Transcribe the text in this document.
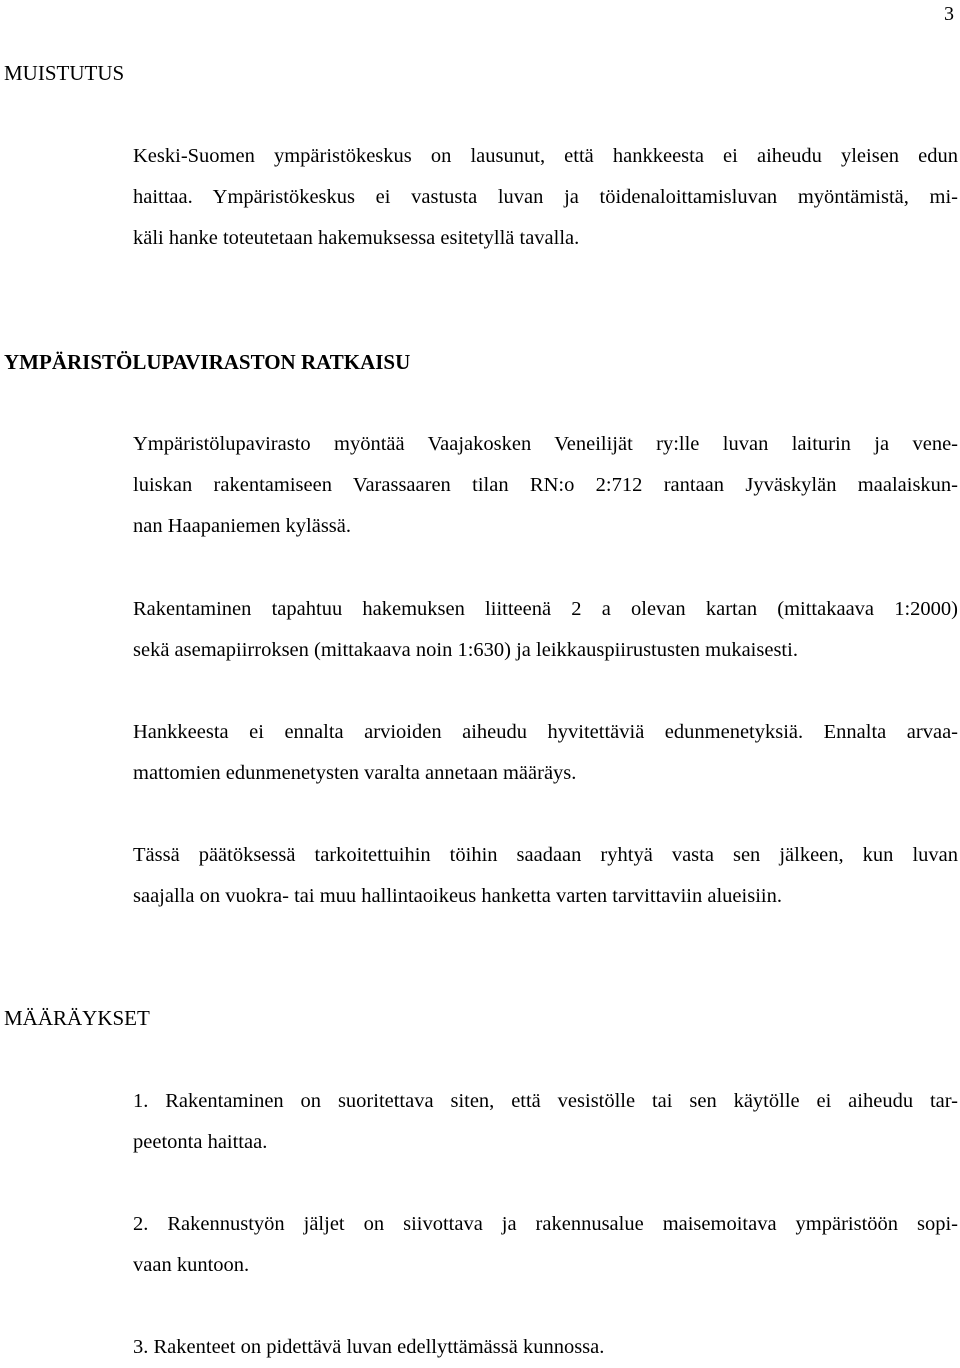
3
MUISTUTUS

Keski-Suomen ympäristökeskus on lausunut, että hankkeesta ei aiheudu yleisen edun
haittaa. Ympäristökeskus ei vastusta luvan ja töidenaloittamisluvan myöntämistä, mi-
käli hanke toteutetaan hakemuksessa esitetyllä tavalla.

YMPÄRISTÖLUPAVIRASTON RATKAISU

Ympäristölupavirasto myöntää Vaajakosken Veneilijät ry:lle luvan laiturin ja vene-
luiskan rakentamiseen Varassaaren tilan RN:o 2:712 rantaan Jyväskylän maalaiskun-
nan Haapaniemen kylässä.

Rakentaminen tapahtuu hakemuksen liitteenä 2 a olevan kartan (mittakaava 1:2000)
sekä asemapiirroksen (mittakaava noin 1:630) ja leikkauspiirustusten mukaisesti.

Hankkeesta ei ennalta arvioiden aiheudu hyvitettäviä edunmenetyksiä. Ennalta arvaa-
mattomien edunmenetysten varalta annetaan määräys.

Tässä päätöksessä tarkoitettuihin töihin saadaan ryhtyä vasta sen jälkeen, kun luvan
saajalla on vuokra- tai muu hallintaoikeus hanketta varten tarvittaviin alueisiin.

MÄÄRÄYKSET

1. Rakentaminen on suoritettava siten, että vesistölle tai sen käytölle ei aiheudu tar-
peetonta haittaa.

2. Rakennustyön jäljet on siivottava ja rakennusalue maisemoitava ympäristöön sopi-
vaan kuntoon.

3. Rakenteet on pidettävä luvan edellyttämässä kunnossa.
